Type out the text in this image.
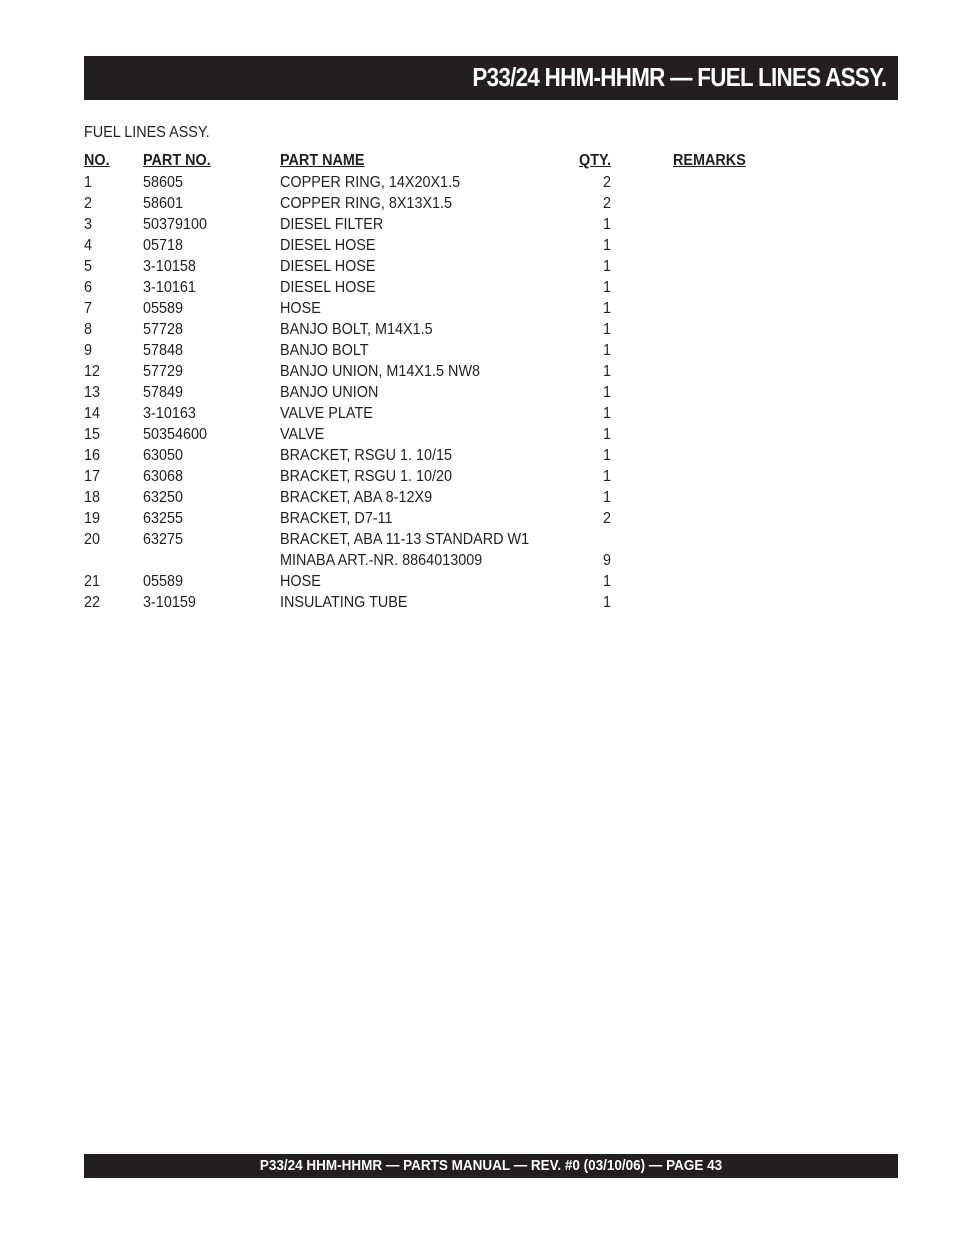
P33/24 HHM-HHMR — FUEL LINES ASSY.
FUEL LINES ASSY.
NO. PART NO.	PART NAME	QTY.	REMARKS
1	58605	COPPER RING, 14X20X1.5	2
2	58601	COPPER RING, 8X13X1.5	2
3	50379100	DIESEL FILTER	1
4	05718	DIESEL HOSE	1
5	3-10158	DIESEL HOSE	1
6	3-10161	DIESEL HOSE	1
7	05589	HOSE	1
8	57728	BANJO BOLT, M14X1.5	1
9	57848	BANJO BOLT	1
12	57729	BANJO UNION, M14X1.5 NW8	1
13	57849	BANJO UNION	1
14	3-10163	VALVE PLATE	1
15	50354600	VALVE	1
16	63050	BRACKET, RSGU 1. 10/15	1
17	63068	BRACKET, RSGU 1. 10/20	1
18	63250	BRACKET, ABA 8-12X9	1
19	63255	BRACKET, D7-11	2
20	63275	BRACKET, ABA 11-13 STANDARD W1
MINABA ART.-NR. 8864013009	9
21	05589	HOSE	1
22	3-10159	INSULATING TUBE	1
P33/24 HHM-HHMR — PARTS MANUAL — REV. #0 (03/10/06) — PAGE 43
